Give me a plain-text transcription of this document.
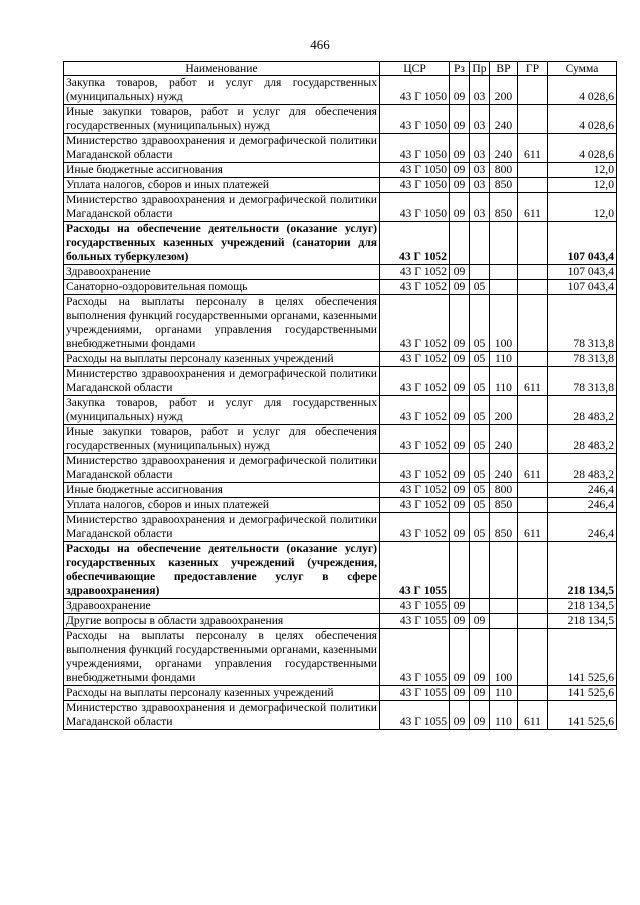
466
Наименование	ЦСР	Рз	Пр	ВР	ГР	Сумма
Закупка товаров, работ и услуг для государственных (муниципальных) нужд	43 Г 1050	09	03	200		4 028,6
Иные закупки товаров, работ и услуг для обеспечения государственных (муниципальных) нужд	43 Г 1050	09	03	240		4 028,6
Министерство здравоохранения и демографической политики Магаданской области	43 Г 1050	09	03	240	611	4 028,6
Иные бюджетные ассигнования	43 Г 1050	09	03	800		12,0
Уплата налогов, сборов и иных платежей	43 Г 1050	09	03	850		12,0
Министерство здравоохранения и демографической политики Магаданской области	43 Г 1050	09	03	850	611	12,0
Расходы на обеспечение деятельности (оказание услуг) государственных казенных учреждений (санатории для больных туберкулезом)	43 Г 1052					107 043,4
Здравоохранение	43 Г 1052	09				107 043,4
Санаторно-оздоровительная помощь	43 Г 1052	09	05			107 043,4
Расходы на выплаты персоналу в целях обеспечения выполнения функций государственными органами, казенными учреждениями, органами управления государственными внебюджетными фондами	43 Г 1052	09	05	100		78 313,8
Расходы на выплаты персоналу казенных учреждений	43 Г 1052	09	05	110		78 313,8
Министерство здравоохранения и демографической политики Магаданской области	43 Г 1052	09	05	110	611	78 313,8
Закупка товаров, работ и услуг для государственных (муниципальных) нужд	43 Г 1052	09	05	200		28 483,2
Иные закупки товаров, работ и услуг для обеспечения государственных (муниципальных) нужд	43 Г 1052	09	05	240		28 483,2
Министерство здравоохранения и демографической политики Магаданской области	43 Г 1052	09	05	240	611	28 483,2
Иные бюджетные ассигнования	43 Г 1052	09	05	800		246,4
Уплата налогов, сборов и иных платежей	43 Г 1052	09	05	850		246,4
Министерство здравоохранения и демографической политики Магаданской области	43 Г 1052	09	05	850	611	246,4
Расходы на обеспечение деятельности (оказание услуг) государственных казенных учреждений (учреждения, обеспечивающие предоставление услуг в сфере здравоохранения)	43 Г 1055					218 134,5
Здравоохранение	43 Г 1055	09				218 134,5
Другие вопросы в области здравоохранения	43 Г 1055	09	09			218 134,5
Расходы на выплаты персоналу в целях обеспечения выполнения функций государственными органами, казенными учреждениями, органами управления государственными внебюджетными фондами	43 Г 1055	09	09	100		141 525,6
Расходы на выплаты персоналу казенных учреждений	43 Г 1055	09	09	110		141 525,6
Министерство здравоохранения и демографической политики Магаданской области	43 Г 1055	09	09	110	611	141 525,6
